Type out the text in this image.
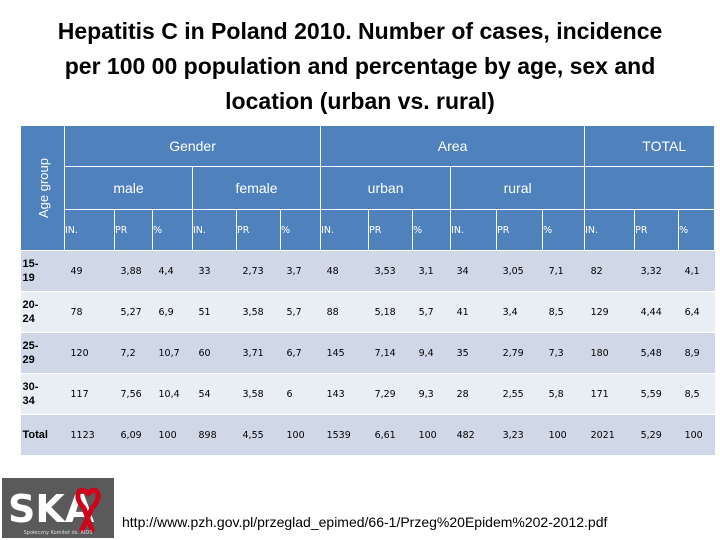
Hepatitis C in Poland 2010. Number of cases, incidence per 100 00 population and percentage by age, sex and location (urban vs. rural)
Age group	Gender						Area						TOTAL		
	male			female			urban			rural					
	IN.	PR	%	IN.	PR	%	IN.	PR	%	IN.	PR	%	IN.	PR	%
15-
19	49	3,88	4,4	33	2,73	3,7	48	3,53	3,1	34	3,05	7,1	82	3,32	4,1
20-
24	78	5,27	6,9	51	3,58	5,7	88	5,18	5,7	41	3,4	8,5	129	4,44	6,4
25-
29	120	7,2	10,7	60	3,71	6,7	145	7,14	9,4	35	2,79	7,3	180	5,48	8,9
30-
34	117	7,56	10,4	54	3,58	6	143	7,29	9,3	28	2,55	5,8	171	5,59	8,5
Total	1123	6,09	100	898	4,55	100	1539	6,61	100	482	3,23	100	2021	5,29	100
SKA
Społeczny Komitet ds. AIDS
http://www.pzh.gov.pl/przeglad_epimed/66-1/Przeg%20Epidem%202-2012.pdf
